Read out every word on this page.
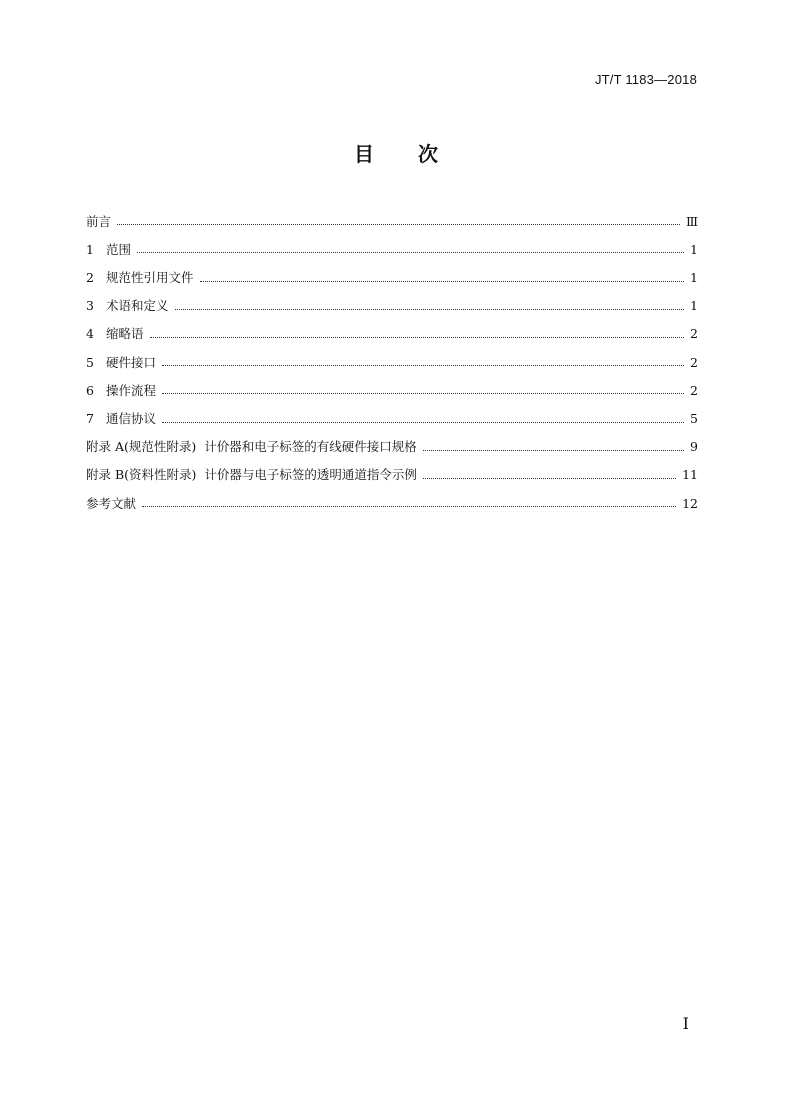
JT/T 1183—2018
目 次
前言	Ⅲ
1 范围	1
2 规范性引用文件	1
3 术语和定义	1
4 缩略语	2
5 硬件接口	2
6 操作流程	2
7 通信协议	5
附录 A(规范性附录)  计价器和电子标签的有线硬件接口规格	9
附录 B(资料性附录)  计价器与电子标签的透明通道指令示例	11
参考文献	12
I
